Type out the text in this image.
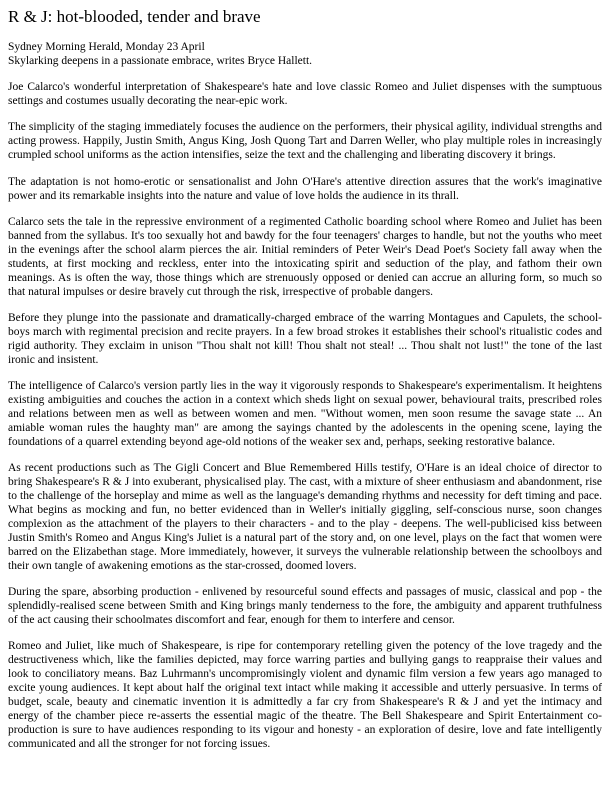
R & J: hot-blooded, tender and brave

Sydney Morning Herald, Monday 23 April

Skylarking deepens in a passionate embrace, writes Bryce Hallett.

Joe Calarco's wonderful interpretation of Shakespeare's hate and love classic Romeo and Juliet dispenses with the sumptuous settings and costumes usually decorating the near-epic work.

The simplicity of the staging immediately focuses the audience on the performers, their physical agility, individual strengths and acting prowess. Happily, Justin Smith, Angus King, Josh Quong Tart and Darren Weller, who play multiple roles in increasingly crumpled school uniforms as the action intensifies, seize the text and the challenging and liberating discovery it brings.

The adaptation is not homo-erotic or sensationalist and John O'Hare's attentive direction assures that the work's imaginative power and its remarkable insights into the nature and value of love holds the audience in its thrall.

Calarco sets the tale in the repressive environment of a regimented Catholic boarding school where Romeo and Juliet has been banned from the syllabus. It's too sexually hot and bawdy for the four teenagers' charges to handle, but not the youths who meet in the evenings after the school alarm pierces the air. Initial reminders of Peter Weir's Dead Poet's Society fall away when the students, at first mocking and reckless, enter into the intoxicating spirit and seduction of the play, and fathom their own meanings. As is often the way, those things which are strenuously opposed or denied can accrue an alluring form, so much so that natural impulses or desire bravely cut through the risk, irrespective of probable dangers.

Before they plunge into the passionate and dramatically-charged embrace of the warring Montagues and Capulets, the school-boys march with regimental precision and recite prayers. In a few broad strokes it establishes their school's ritualistic codes and rigid authority. They exclaim in unison "Thou shalt not kill! Thou shalt not steal! ... Thou shalt not lust!" the tone of the last ironic and insistent.

The intelligence of Calarco's version partly lies in the way it vigorously responds to Shakespeare's experimentalism. It heightens existing ambiguities and couches the action in a context which sheds light on sexual power, behavioural traits, prescribed roles and relations between men as well as between women and men. "Without women, men soon resume the savage state ... An amiable woman rules the haughty man" are among the sayings chanted by the adolescents in the opening scene, laying the foundations of a quarrel extending beyond age-old notions of the weaker sex and, perhaps, seeking restorative balance.

As recent productions such as The Gigli Concert and Blue Remembered Hills testify, O'Hare is an ideal choice of director to bring Shakespeare's R & J into exuberant, physicalised play. The cast, with a mixture of sheer enthusiasm and abandonment, rise to the challenge of the horseplay and mime as well as the language's demanding rhythms and necessity for deft timing and pace. What begins as mocking and fun, no better evidenced than in Weller's initially giggling, self-conscious nurse, soon changes complexion as the attachment of the players to their characters - and to the play - deepens. The well-publicised kiss between Justin Smith's Romeo and Angus King's Juliet is a natural part of the story and, on one level, plays on the fact that women were barred on the Elizabethan stage. More immediately, however, it surveys the vulnerable relationship between the schoolboys and their own tangle of awakening emotions as the star-crossed, doomed lovers.

During the spare, absorbing production - enlivened by resourceful sound effects and passages of music, classical and pop - the splendidly-realised scene between Smith and King brings manly tenderness to the fore, the ambiguity and apparent truthfulness of the act causing their schoolmates discomfort and fear, enough for them to interfere and censor.

Romeo and Juliet, like much of Shakespeare, is ripe for contemporary retelling given the potency of the love tragedy and the destructiveness which, like the families depicted, may force warring parties and bullying gangs to reappraise their values and look to conciliatory means. Baz Luhrmann's uncompromisingly violent and dynamic film version a few years ago managed to excite young audiences. It kept about half the original text intact while making it accessible and utterly persuasive. In terms of budget, scale, beauty and cinematic invention it is admittedly a far cry from Shakespeare's R & J and yet the intimacy and energy of the chamber piece re-asserts the essential magic of the theatre. The Bell Shakespeare and Spirit Entertainment co-production is sure to have audiences responding to its vigour and honesty - an exploration of desire, love and fate intelligently communicated and all the stronger for not forcing issues.
